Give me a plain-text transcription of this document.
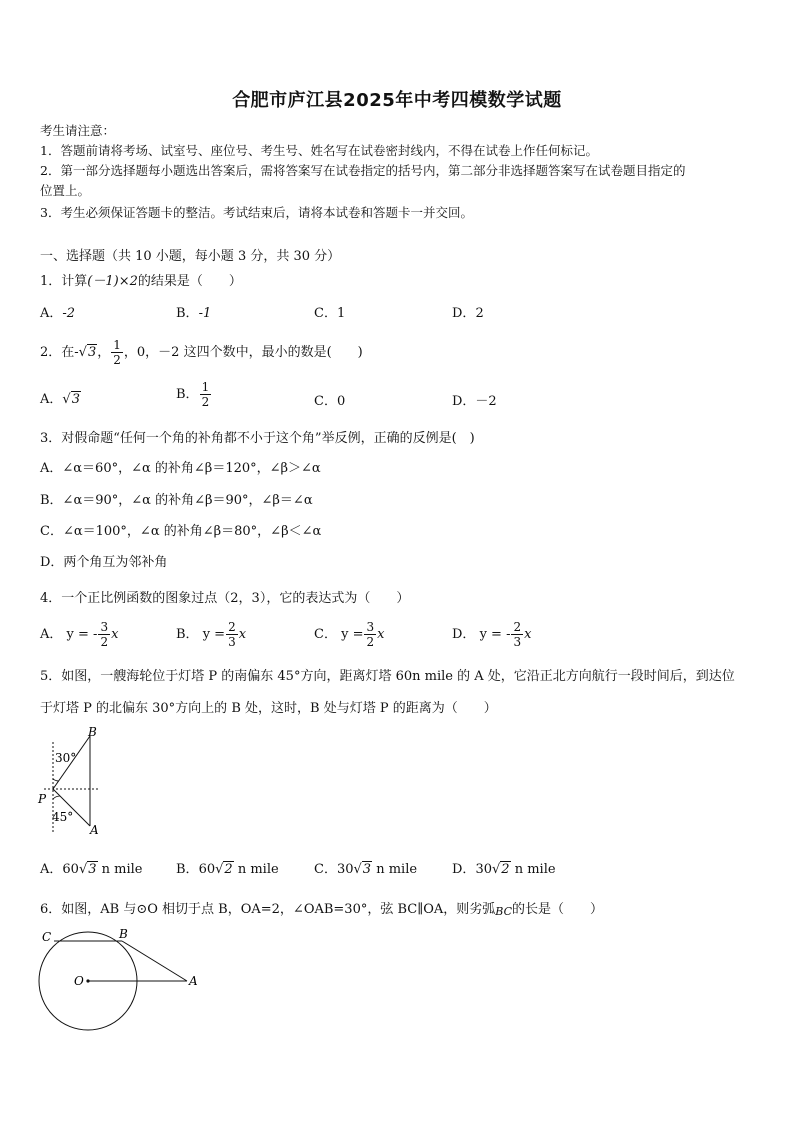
合肥市庐江县2025年中考四模数学试题
考生请注意：
1．答题前请将考场、试室号、座位号、考生号、姓名写在试卷密封线内，不得在试卷上作任何标记。
2．第一部分选择题每小题选出答案后，需将答案写在试卷指定的括号内，第二部分非选择题答案写在试卷题目指定的
位置上。
3．考生必须保证答题卡的整洁。考试结束后，请将本试卷和答题卡一并交回。
一、选择题（共 10 小题，每小题 3 分，共 30 分）
1．计算(－1)×2的结果是（　　）
A．-2	B．-1	C．1	D．2
2．在-√3， $\frac{1}{2}$ ，0，－2 这四个数中，最小的数是(　　)
A．√3	B． $\frac{1}{2}$	C．0	D．－2
3．对假命题“任何一个角的补角都不小于这个角”举反例，正确的反例是(　)
A．∠α＝60°，∠α 的补角∠β＝120°，∠β＞∠α
B．∠α＝90°，∠α 的补角∠β＝90°，∠β＝∠α
C．∠α＝100°，∠α 的补角∠β＝80°，∠β＜∠α
D．两个角互为邻补角
4．一个正比例函数的图象过点（2，3），它的表达式为（　　）
A． y = - $\frac{3}{2}$ x	B． $y = \frac{2}{3}$ x	C． $y = \frac{3}{2}$ x	D． y = - $\frac{2}{3}$ x
5．如图，一艘海轮位于灯塔 P 的南偏东 45°方向，距离灯塔 60n mile 的 A 处，它沿正北方向航行一段时间后，到达位
于灯塔 P 的北偏东 30°方向上的 B 处，这时，B 处与灯塔 P 的距离为（　　）
B
P
A
30°
45°
A．60√3 n mile	B．60√2 n mile	C．30√3 n mile	D．30√2 n mile
6．如图，AB 与⊙O 相切于点 B，OA=2，∠OAB=30°，弦 BC∥OA，则劣弧BC的长是（　　）
C	B
O	A
